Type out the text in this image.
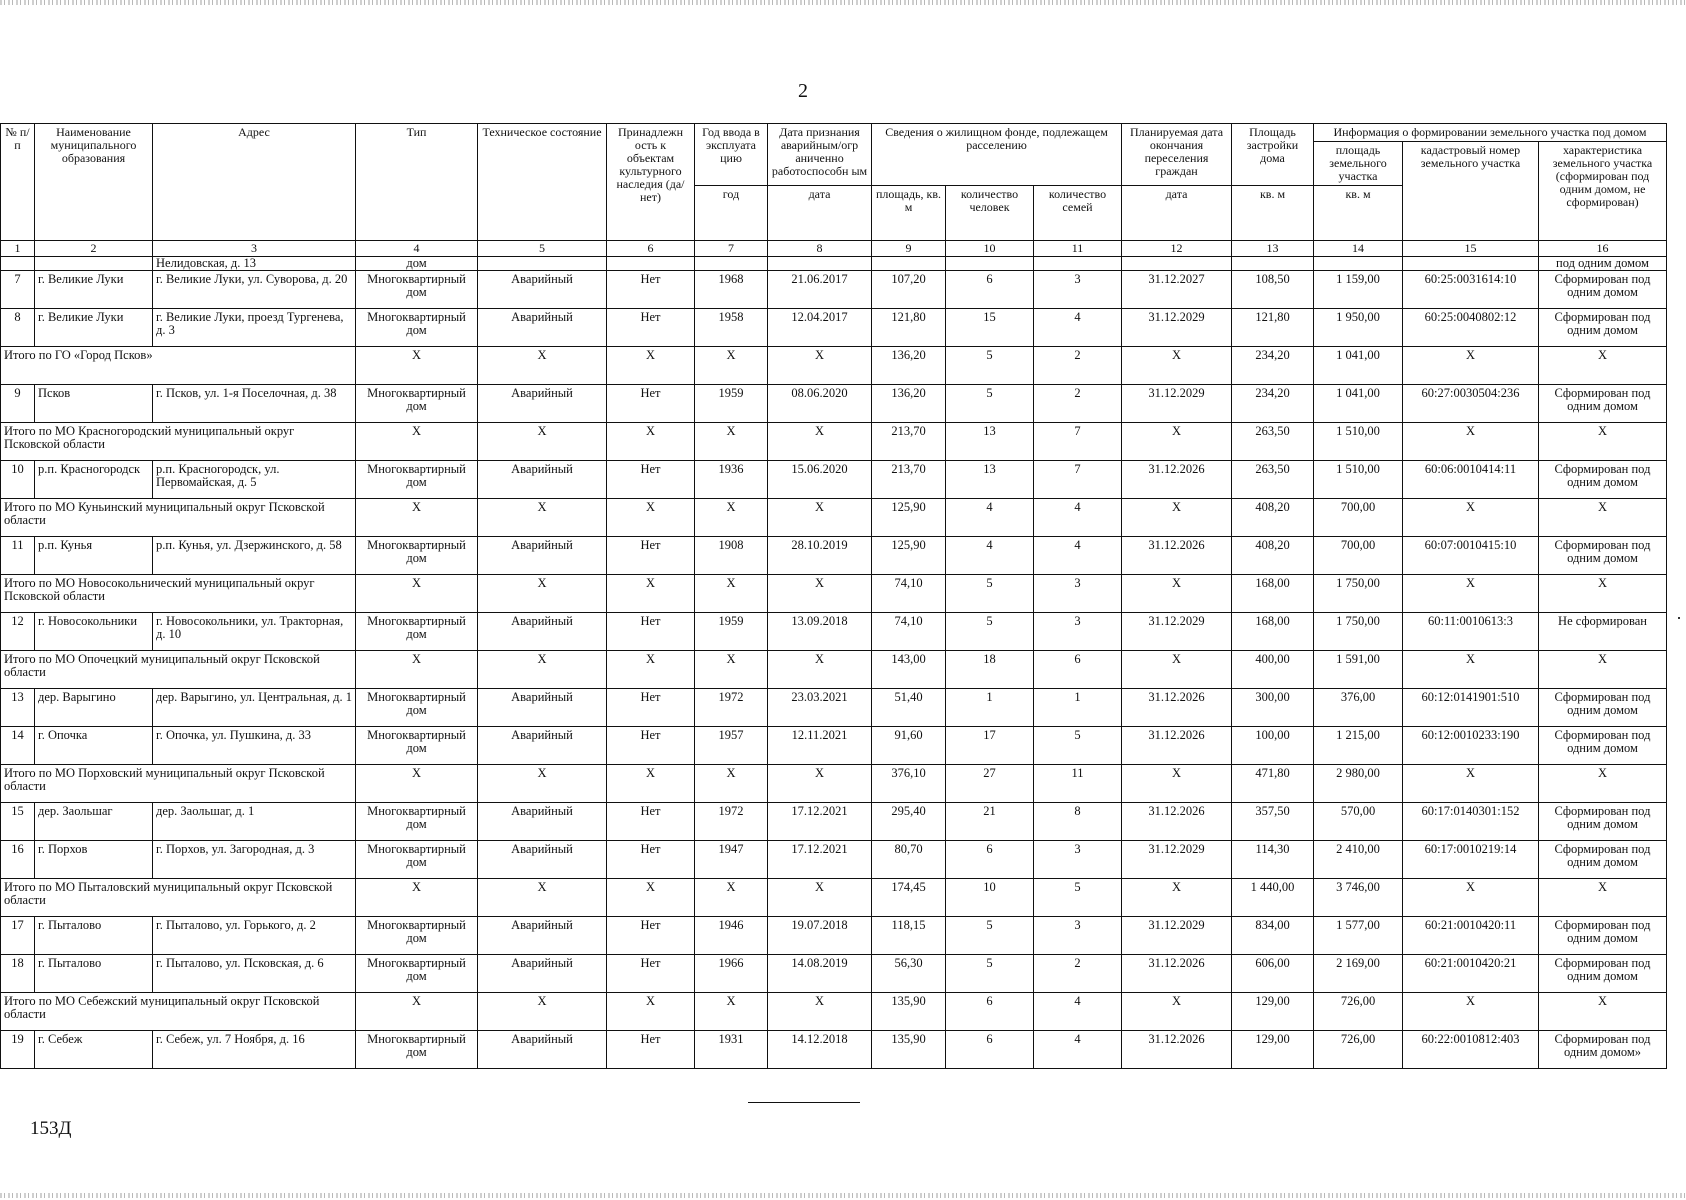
2
№ п/п	Наименование муниципального образования	Адрес	Тип	Техническое состояние	Принадлежн ость к объектам культурного наследия (да/нет)	Год ввода в эксплуата цию	Дата признания аварийным/огр аниченно работоспособн ым	Сведения о жилищном фонде, подлежащем расселению			Планируемая дата окончания переселения граждан	Площадь застройки дома	Информация о формировании земельного участка под домом		
													площадь земельного участка	кадастровый номер земельного участка	характеристика земельного участка (сформирован под одним домом, не сформирован)
						год	дата	площадь, кв. м	количество человек	количество семей	дата	кв. м	кв. м		
1	2	3	4	5	6	7	8	9	10	11	12	13	14	15	16
		Нелидовская, д. 13	дом												под одним домом
7	г. Великие Луки	г. Великие Луки, ул. Суворова, д. 20	Многоквартирный дом	Аварийный	Нет	1968	21.06.2017	107,20	6	3	31.12.2027	108,50	1 159,00	60:25:0031614:10	Сформирован под одним домом
8	г. Великие Луки	г. Великие Луки, проезд Тургенева, д. 3	Многоквартирный дом	Аварийный	Нет	1958	12.04.2017	121,80	15	4	31.12.2029	121,80	1 950,00	60:25:0040802:12	Сформирован под одним домом
Итого по ГО «Город Псков»			X	X	X	X	X	136,20	5	2	X	234,20	1 041,00	X	X
9	Псков	г. Псков, ул. 1-я Поселочная, д. 38	Многоквартирный дом	Аварийный	Нет	1959	08.06.2020	136,20	5	2	31.12.2029	234,20	1 041,00	60:27:0030504:236	Сформирован под одним домом
Итого по МО Красногородский муниципальный округ Псковской области			X	X	X	X	X	213,70	13	7	X	263,50	1 510,00	X	X
10	р.п. Красногородск	р.п. Красногородск, ул. Первомайская, д. 5	Многоквартирный дом	Аварийный	Нет	1936	15.06.2020	213,70	13	7	31.12.2026	263,50	1 510,00	60:06:0010414:11	Сформирован под одним домом
Итого по МО Куньинский муниципальный округ Псковской области			X	X	X	X	X	125,90	4	4	X	408,20	700,00	X	X
11	р.п. Кунья	р.п. Кунья, ул. Дзержинского, д. 58	Многоквартирный дом	Аварийный	Нет	1908	28.10.2019	125,90	4	4	31.12.2026	408,20	700,00	60:07:0010415:10	Сформирован под одним домом
Итого по МО Новосокольнический муниципальный округ Псковской области			X	X	X	X	X	74,10	5	3	X	168,00	1 750,00	X	X
12	г. Новосокольники	г. Новосокольники, ул. Тракторная, д. 10	Многоквартирный дом	Аварийный	Нет	1959	13.09.2018	74,10	5	3	31.12.2029	168,00	1 750,00	60:11:0010613:3	Не сформирован
Итого по МО Опочецкий муниципальный округ Псковской области			X	X	X	X	X	143,00	18	6	X	400,00	1 591,00	X	X
13	дер. Варыгино	дер. Варыгино, ул. Центральная, д. 1	Многоквартирный дом	Аварийный	Нет	1972	23.03.2021	51,40	1	1	31.12.2026	300,00	376,00	60:12:0141901:510	Сформирован под одним домом
14	г. Опочка	г. Опочка, ул. Пушкина, д. 33	Многоквартирный дом	Аварийный	Нет	1957	12.11.2021	91,60	17	5	31.12.2026	100,00	1 215,00	60:12:0010233:190	Сформирован под одним домом
Итого по МО Порховский муниципальный округ Псковской области			X	X	X	X	X	376,10	27	11	X	471,80	2 980,00	X	X
15	дер. Заольшаг	дер. Заольшаг, д. 1	Многоквартирный дом	Аварийный	Нет	1972	17.12.2021	295,40	21	8	31.12.2026	357,50	570,00	60:17:0140301:152	Сформирован под одним домом
16	г. Порхов	г. Порхов, ул. Загородная, д. 3	Многоквартирный дом	Аварийный	Нет	1947	17.12.2021	80,70	6	3	31.12.2029	114,30	2 410,00	60:17:0010219:14	Сформирован под одним домом
Итого по МО Пыталовский муниципальный округ Псковской области			X	X	X	X	X	174,45	10	5	X	1 440,00	3 746,00	X	X
17	г. Пыталово	г. Пыталово, ул. Горького, д. 2	Многоквартирный дом	Аварийный	Нет	1946	19.07.2018	118,15	5	3	31.12.2029	834,00	1 577,00	60:21:0010420:11	Сформирован под одним домом
18	г. Пыталово	г. Пыталово, ул. Псковская, д. 6	Многоквартирный дом	Аварийный	Нет	1966	14.08.2019	56,30	5	2	31.12.2026	606,00	2 169,00	60:21:0010420:21	Сформирован под одним домом
Итого по МО Себежский муниципальный округ Псковской области			X	X	X	X	X	135,90	6	4	X	129,00	726,00	X	X
19	г. Себеж	г. Себеж, ул. 7 Ноября, д. 16	Многоквартирный дом	Аварийный	Нет	1931	14.12.2018	135,90	6	4	31.12.2026	129,00	726,00	60:22:0010812:403	Сформирован под одним домом»
153Д
